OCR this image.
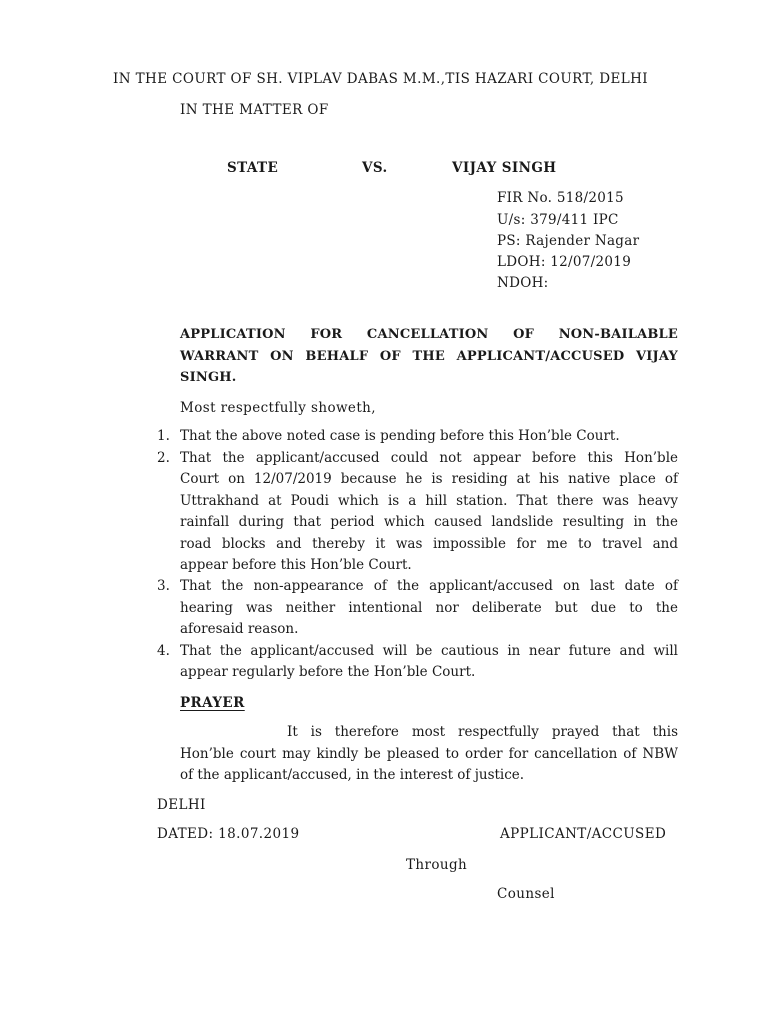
IN THE COURT OF SH. VIPLAV DABAS M.M.,TIS HAZARI COURT, DELHI
IN THE MATTER OF
STATE	VS.	VIJAY SINGH
FIR No. 518/2015
U/s: 379/411 IPC
PS: Rajender Nagar
LDOH: 12/07/2019
NDOH:
APPLICATION FOR CANCELLATION OF NON-BAILABLE
WARRANT ON BEHALF OF THE APPLICANT/ACCUSED VIJAY
SINGH.
Most respectfully showeth,
1. That the above noted case is pending before this Hon’ble Court.
2. That the applicant/accused could not appear before this Hon’ble
Court on 12/07/2019 because he is residing at his native place of
Uttrakhand at Poudi which is a hill station. That there was heavy
rainfall during that period which caused landslide resulting in the
road blocks and thereby it was impossible for me to travel and
appear before this Hon’ble Court.
3. That the non-appearance of the applicant/accused on last date of
hearing was neither intentional nor deliberate but due to the
aforesaid reason.
4. That the applicant/accused will be cautious in near future and will
appear regularly before the Hon’ble Court.
PRAYER
It is therefore most respectfully prayed that this
Hon’ble court may kindly be pleased to order for cancellation of NBW
of the applicant/accused, in the interest of justice.
DELHI
DATED: 18.07.2019	APPLICANT/ACCUSED
Through
Counsel
